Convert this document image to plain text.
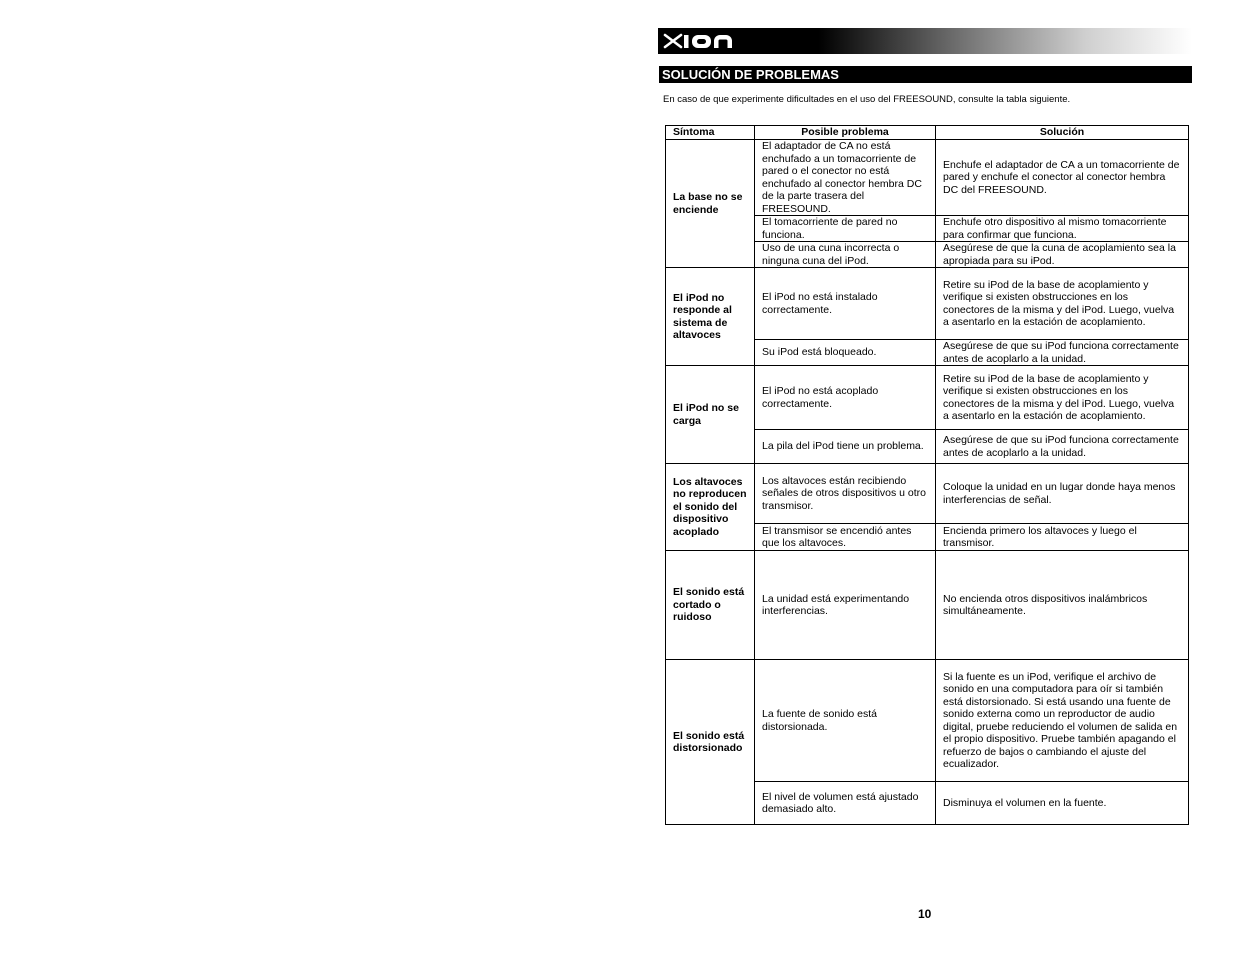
SOLUCIÓN DE PROBLEMAS
En caso de que experimente dificultades en el uso del FREESOUND, consulte la tabla siguiente.
Síntoma	Posible problema	Solución
La base no se enciende	El adaptador de CA no está enchufado a un tomacorriente de pared o el conector no está enchufado al conector hembra DC de la parte trasera del FREESOUND.	Enchufe el adaptador de CA a un tomacorriente de pared y enchufe el conector al conector hembra DC del FREESOUND.
	El tomacorriente de pared no funciona.	Enchufe otro dispositivo al mismo tomacorriente para confirmar que funciona.
	Uso de una cuna incorrecta o ninguna cuna del iPod.	Asegúrese de que la cuna de acoplamiento sea la apropiada para su iPod.
El iPod no responde al sistema de altavoces	El iPod no está instalado correctamente.	Retire su iPod de la base de acoplamiento y verifique si existen obstrucciones en los conectores de la misma y del iPod. Luego, vuelva a asentarlo en la estación de acoplamiento.
	Su iPod está bloqueado.	Asegúrese de que su iPod funciona correctamente antes de acoplarlo a la unidad.
El iPod no se carga	El iPod no está acoplado correctamente.	Retire su iPod de la base de acoplamiento y verifique si existen obstrucciones en los conectores de la misma y del iPod. Luego, vuelva a asentarlo en la estación de acoplamiento.
	La pila del iPod tiene un problema.	Asegúrese de que su iPod funciona correctamente antes de acoplarlo a la unidad.
Los altavoces no reproducen el sonido del dispositivo acoplado	Los altavoces están recibiendo señales de otros dispositivos u otro transmisor.	Coloque la unidad en un lugar donde haya menos interferencias de señal.
	El transmisor se encendió antes que los altavoces.	Encienda primero los altavoces y luego el transmisor.
El sonido está cortado o ruidoso	La unidad está experimentando interferencias.	No encienda otros dispositivos inalámbricos simultáneamente.
El sonido está distorsionado	La fuente de sonido está distorsionada.	Si la fuente es un iPod, verifique el archivo de sonido en una computadora para oír si también está distorsionado. Si está usando una fuente de sonido externa como un reproductor de audio digital, pruebe reduciendo el volumen de salida en el propio dispositivo. Pruebe también apagando el refuerzo de bajos o cambiando el ajuste del ecualizador.
	El nivel de volumen está ajustado demasiado alto.	Disminuya el volumen en la fuente.
10
